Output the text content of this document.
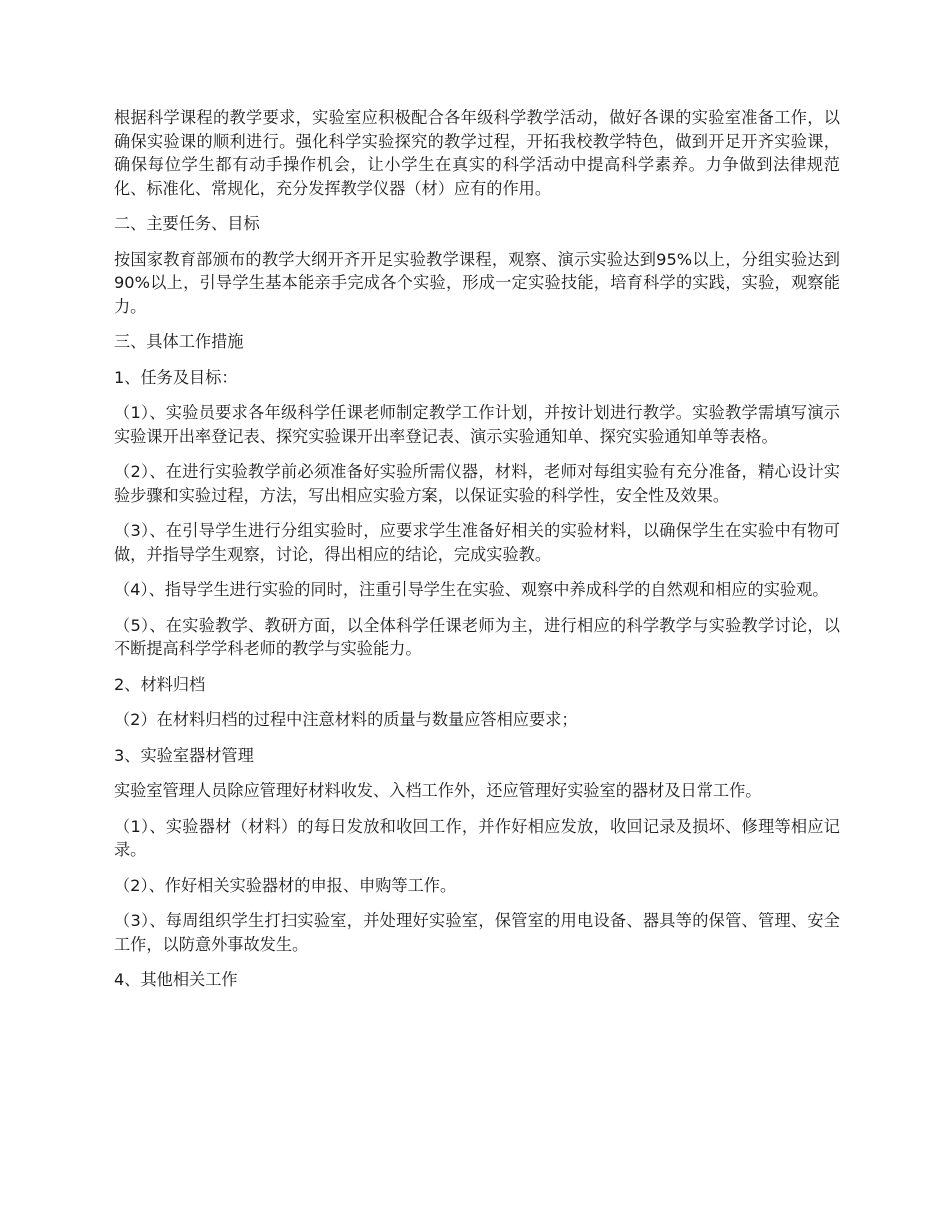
根据科学课程的教学要求，实验室应积极配合各年级科学教学活动，做好各课的实验室准备工作，以确保实验课的顺利进行。强化科学实验探究的教学过程，开拓我校教学特色，做到开足开齐实验课，确保每位学生都有动手操作机会，让小学生在真实的科学活动中提高科学素养。力争做到法律规范化、标准化、常规化，充分发挥教学仪器（材）应有的作用。

二、主要任务、目标

按国家教育部颁布的教学大纲开齐开足实验教学课程，观察、演示实验达到95%以上，分组实验达到90%以上，引导学生基本能亲手完成各个实验，形成一定实验技能，培育科学的实践，实验，观察能力。

三、具体工作措施

1、任务及目标：

（1）、实验员要求各年级科学任课老师制定教学工作计划，并按计划进行教学。实验教学需填写演示实验课开出率登记表、探究实验课开出率登记表、演示实验通知单、探究实验通知单等表格。

（2）、在进行实验教学前必须准备好实验所需仪器，材料，老师对每组实验有充分准备，精心设计实验步骤和实验过程，方法，写出相应实验方案，以保证实验的科学性，安全性及效果。

（3）、在引导学生进行分组实验时，应要求学生准备好相关的实验材料，以确保学生在实验中有物可做，并指导学生观察，讨论，得出相应的结论，完成实验教。

（4）、指导学生进行实验的同时，注重引导学生在实验、观察中养成科学的自然观和相应的实验观。

（5）、在实验教学、教研方面，以全体科学任课老师为主，进行相应的科学教学与实验教学讨论，以不断提高科学学科老师的教学与实验能力。

2、材料归档

（2）在材料归档的过程中注意材料的质量与数量应答相应要求；

3、实验室器材管理

实验室管理人员除应管理好材料收发、入档工作外，还应管理好实验室的器材及日常工作。

（1）、实验器材（材料）的每日发放和收回工作，并作好相应发放，收回记录及损坏、修理等相应记录。

（2）、作好相关实验器材的申报、申购等工作。

（3）、每周组织学生打扫实验室，并处理好实验室，保管室的用电设备、器具等的保管、管理、安全工作，以防意外事故发生。

4、其他相关工作
